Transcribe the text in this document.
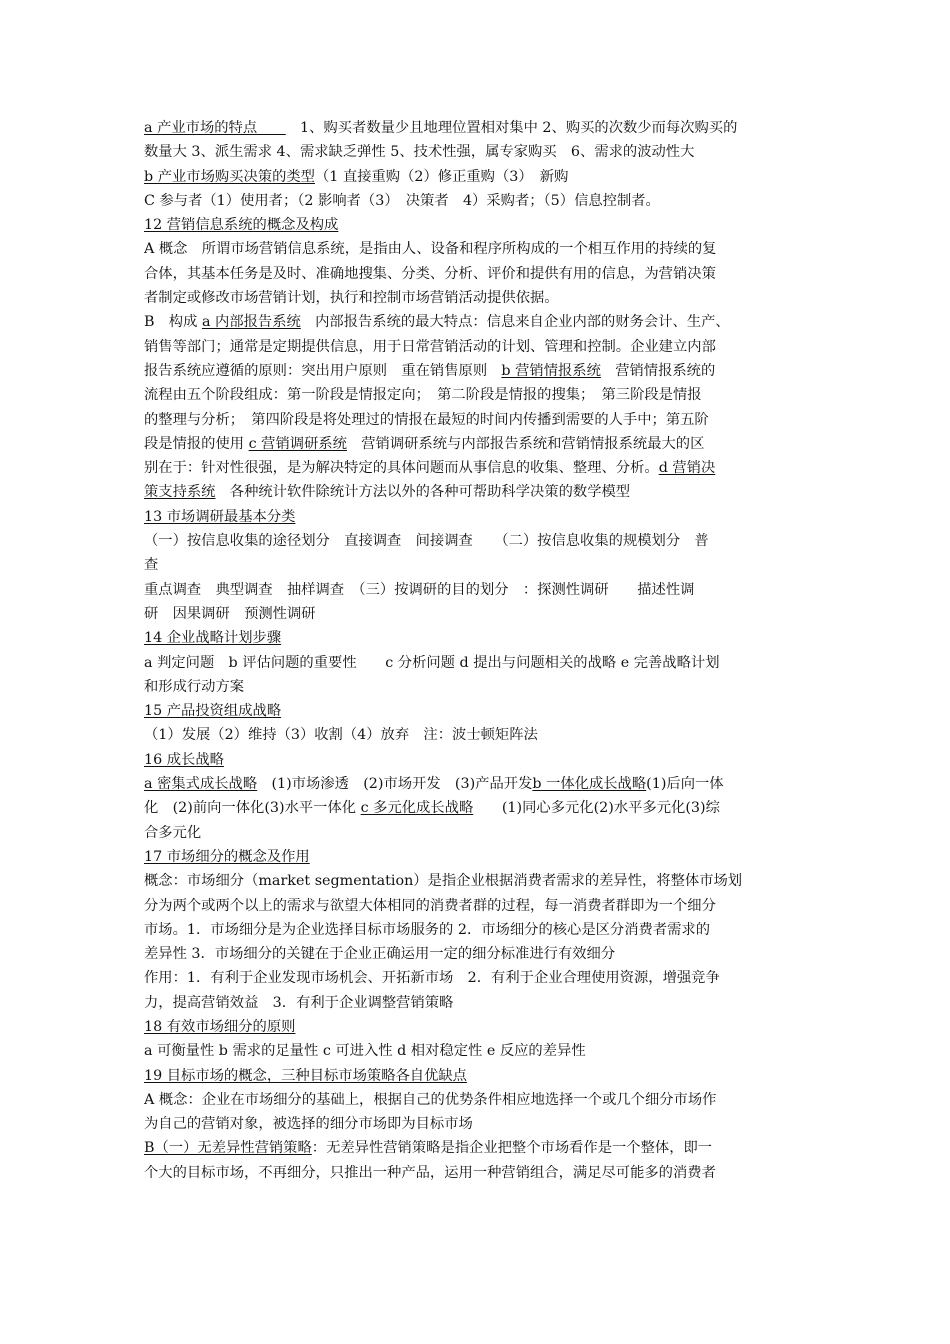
a 产业市场的特点　　　1、购买者数量少且地理位置相对集中 2、购买的次数少而每次购买的
数量大 3、派生需求 4、需求缺乏弹性 5、技术性强，属专家购买　6、需求的波动性大
b 产业市场购买决策的类型（1 直接重购（2）修正重购（3）　新购
C 参与者（1）使用者；（2 影响者（3）　决策者　4）采购者；（5）信息控制者。
12 营销信息系统的概念及构成
A 概念　所谓市场营销信息系统，是指由人、设备和程序所构成的一个相互作用的持续的复
合体，其基本任务是及时、准确地搜集、分类、分析、评价和提供有用的信息，为营销决策
者制定或修改市场营销计划，执行和控制市场营销活动提供依据。
B　构成 a 内部报告系统　内部报告系统的最大特点：信息来自企业内部的财务会计、生产、
销售等部门；通常是定期提供信息，用于日常营销活动的计划、管理和控制。企业建立内部
报告系统应遵循的原则：突出用户原则　重在销售原则　b 营销情报系统　营销情报系统的
流程由五个阶段组成：第一阶段是情报定向；　第二阶段是情报的搜集；　第三阶段是情报
的整理与分析；　第四阶段是将处理过的情报在最短的时间内传播到需要的人手中；第五阶
段是情报的使用 c 营销调研系统　营销调研系统与内部报告系统和营销情报系统最大的区
别在于：针对性很强，是为解决特定的具体问题而从事信息的收集、整理、分析。d 营销决
策支持系统　各种统计软件除统计方法以外的各种可帮助科学决策的数学模型
13 市场调研最基本分类
（一）按信息收集的途径划分　直接调查　间接调查　　（二）按信息收集的规模划分　普
查
重点调查　典型调查　抽样调查　（三）按调研的目的划分　：探测性调研　　描述性调
研　因果调研　预测性调研
14 企业战略计划步骤
a 判定问题　b 评估问题的重要性　　c 分析问题 d 提出与问题相关的战略 e 完善战略计划
和形成行动方案
15 产品投资组成战略
（1）发展（2）维持（3）收割（4）放弃　注：波士顿矩阵法
16 成长战略
a 密集式成长战略　(1)市场渗透　(2)市场开发　(3)产品开发b 一体化成长战略(1)后向一体
化　(2)前向一体化(3)水平一体化 c 多元化成长战略　　(1)同心多元化(2)水平多元化(3)综
合多元化
17 市场细分的概念及作用
概念：市场细分（market segmentation）是指企业根据消费者需求的差异性，将整体市场划
分为两个或两个以上的需求与欲望大体相同的消费者群的过程，每一消费者群即为一个细分
市场。1．市场细分是为企业选择目标市场服务的 2．市场细分的核心是区分消费者需求的
差异性 3．市场细分的关键在于企业正确运用一定的细分标准进行有效细分
作用：1．有利于企业发现市场机会、开拓新市场　2．有利于企业合理使用资源，增强竞争
力，提高营销效益　3．有利于企业调整营销策略
18 有效市场细分的原则
a 可衡量性 b 需求的足量性 c 可进入性 d 相对稳定性 e 反应的差异性
19 目标市场的概念，三种目标市场策略各自优缺点
A 概念：企业在市场细分的基础上，根据自己的优势条件相应地选择一个或几个细分市场作
为自己的营销对象，被选择的细分市场即为目标市场
B（一）无差异性营销策略：无差异性营销策略是指企业把整个市场看作是一个整体，即一
个大的目标市场，不再细分，只推出一种产品，运用一种营销组合，满足尽可能多的消费者
